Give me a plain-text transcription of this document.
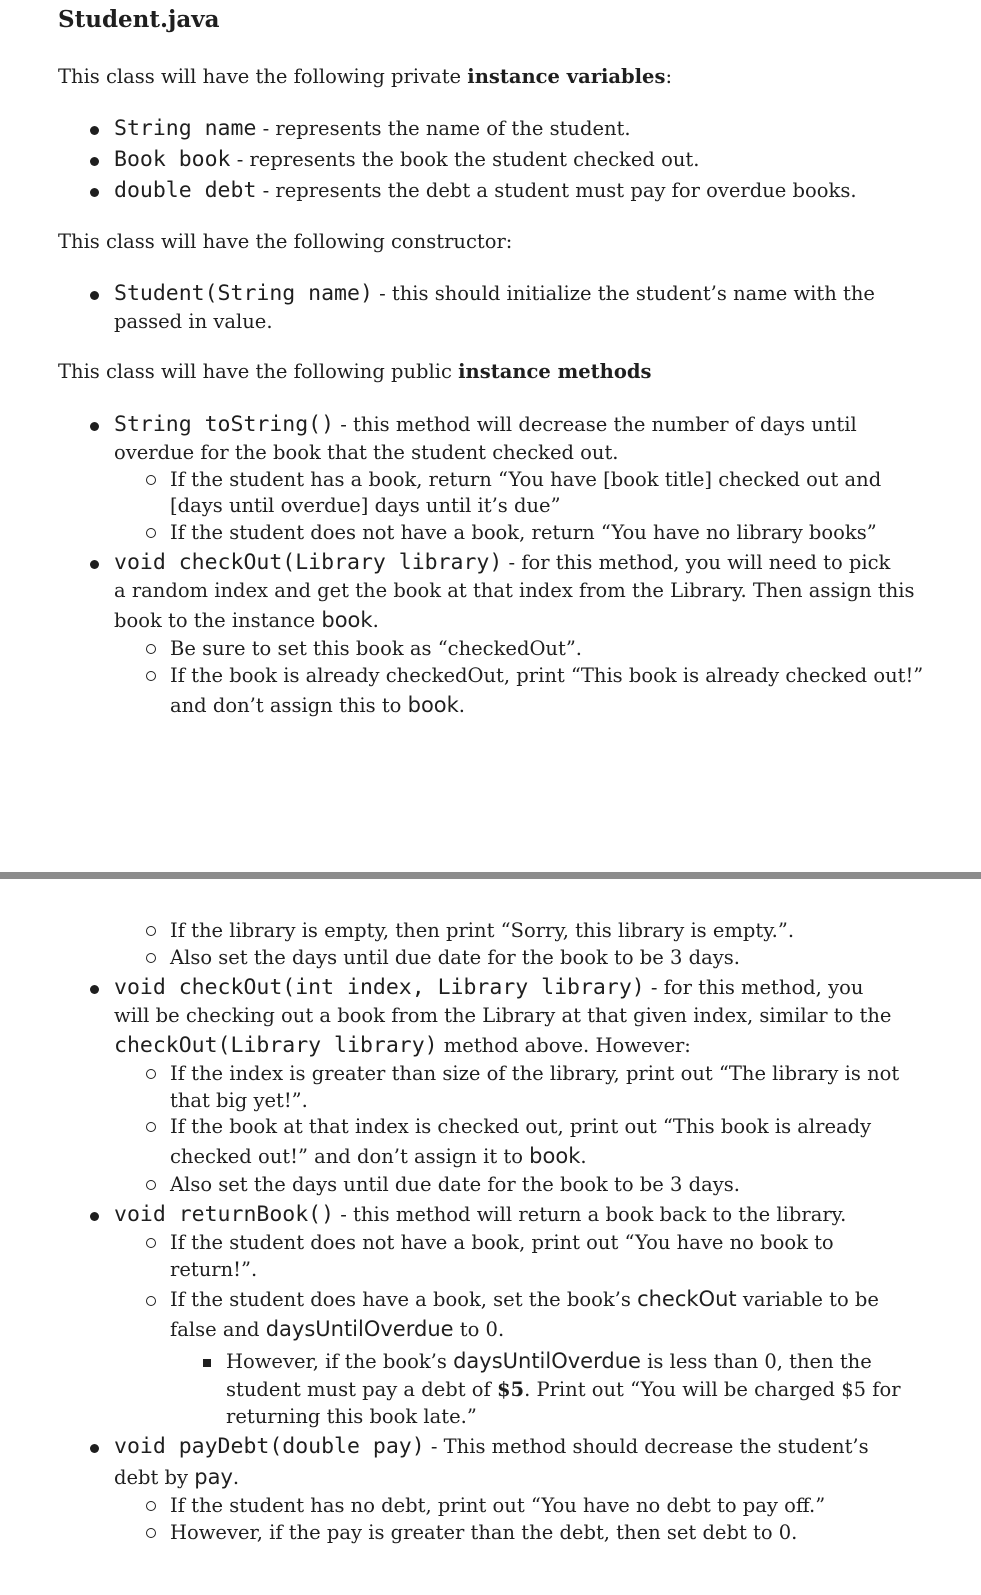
Student.java
This class will have the following private instance variables:
String name - represents the name of the student.
Book book - represents the book the student checked out.
double debt - represents the debt a student must pay for overdue books.
This class will have the following constructor:
Student(String name) - this should initialize the student’s name with the
passed in value.
This class will have the following public instance methods
String toString() - this method will decrease the number of days until
overdue for the book that the student checked out.
If the student has a book, return “You have [book title] checked out and
[days until overdue] days until it’s due”
If the student does not have a book, return “You have no library books”
void checkOut(Library library) - for this method, you will need to pick
a random index and get the book at that index from the Library. Then assign this
book to the instance book.
Be sure to set this book as “checkedOut”.
If the book is already checkedOut, print “This book is already checked out!”
and don’t assign this to book.
If the library is empty, then print “Sorry, this library is empty.”.
Also set the days until due date for the book to be 3 days.
void checkOut(int index, Library library) - for this method, you
will be checking out a book from the Library at that given index, similar to the
checkOut(Library library) method above. However:
If the index is greater than size of the library, print out “The library is not
that big yet!”.
If the book at that index is checked out, print out “This book is already
checked out!” and don’t assign it to book.
Also set the days until due date for the book to be 3 days.
void returnBook() - this method will return a book back to the library.
If the student does not have a book, print out “You have no book to
return!”.
If the student does have a book, set the book’s checkOut variable to be
false and daysUntilOverdue to 0.
However, if the book’s daysUntilOverdue is less than 0, then the
student must pay a debt of $5. Print out “You will be charged $5 for
returning this book late.”
void payDebt(double pay) - This method should decrease the student’s
debt by pay.
If the student has no debt, print out “You have no debt to pay off.”
However, if the pay is greater than the debt, then set debt to 0.
